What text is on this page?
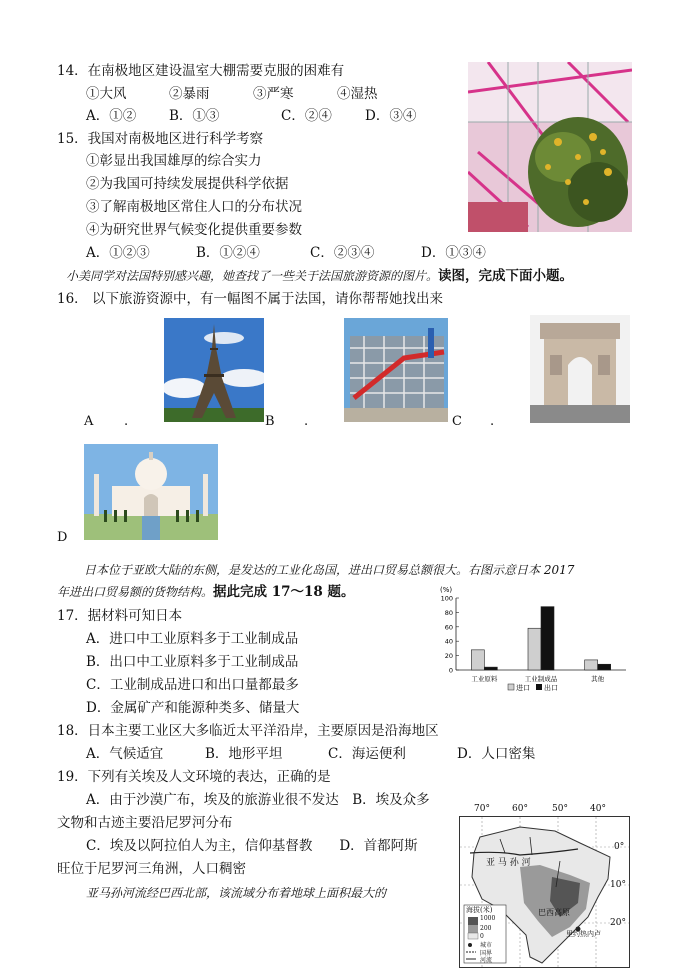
14．在南极地区建设温室大棚需要克服的困难有
①大风	②暴雨	③严寒	④湿热
A．①② B．①③	C．②④ D．③④
15．我国对南极地区进行科学考察
①彰显出我国雄厚的综合实力
②为我国可持续发展提供科学依据
③了解南极地区常住人口的分布状况
④为研究世界气候变化提供重要参数
A．①②③	B．①②④	C．②③④	D．①③④
小美同学对法国特别感兴趣，她查找了一些关于法国旅游资源的图片。读图，完成下面小题。
16． 以下旅游资源中，有一幅图不属于法国，请你帮帮她找出来
A .	B .	C .
D
日本位于亚欧大陆的东侧，是发达的工业化岛国，进出口贸易总额很大。右图示意日本 2017
年进出口贸易额的货物结构。据此完成 17～18 题。
17．据材料可知日本
A．进口中工业原料多于工业制成品
B．出口中工业原料多于工业制成品
C．工业制成品进口和出口量都最多
D．金属矿产和能源种类多、储量大
(%)
100
80
60
40
20
0
工业原料	工业制成品	其他
进口 出口
18．日本主要工业区大多临近太平洋沿岸，主要原因是沿海地区
A．气候适宜	B．地形平坦	C．海运便利	D．人口密集
19．下列有关埃及人文环境的表达，正确的是
A．由于沙漠广布，埃及的旅游业很不发达　B．埃及众多
文物和古迹主要沿尼罗河分布
C．埃及以阿拉伯人为主，信仰基督教　　D．首都阿斯
旺位于尼罗河三角洲，人口稠密
亚马孙河流经巴西北部，该流域分布着地球上面积最大的
70° 60°	50° 40°
亚 马 孙 河
巴西高原
里约热内卢
海拔(米)
1000
200
0
城市
国界
河流
0°
10°
20°
